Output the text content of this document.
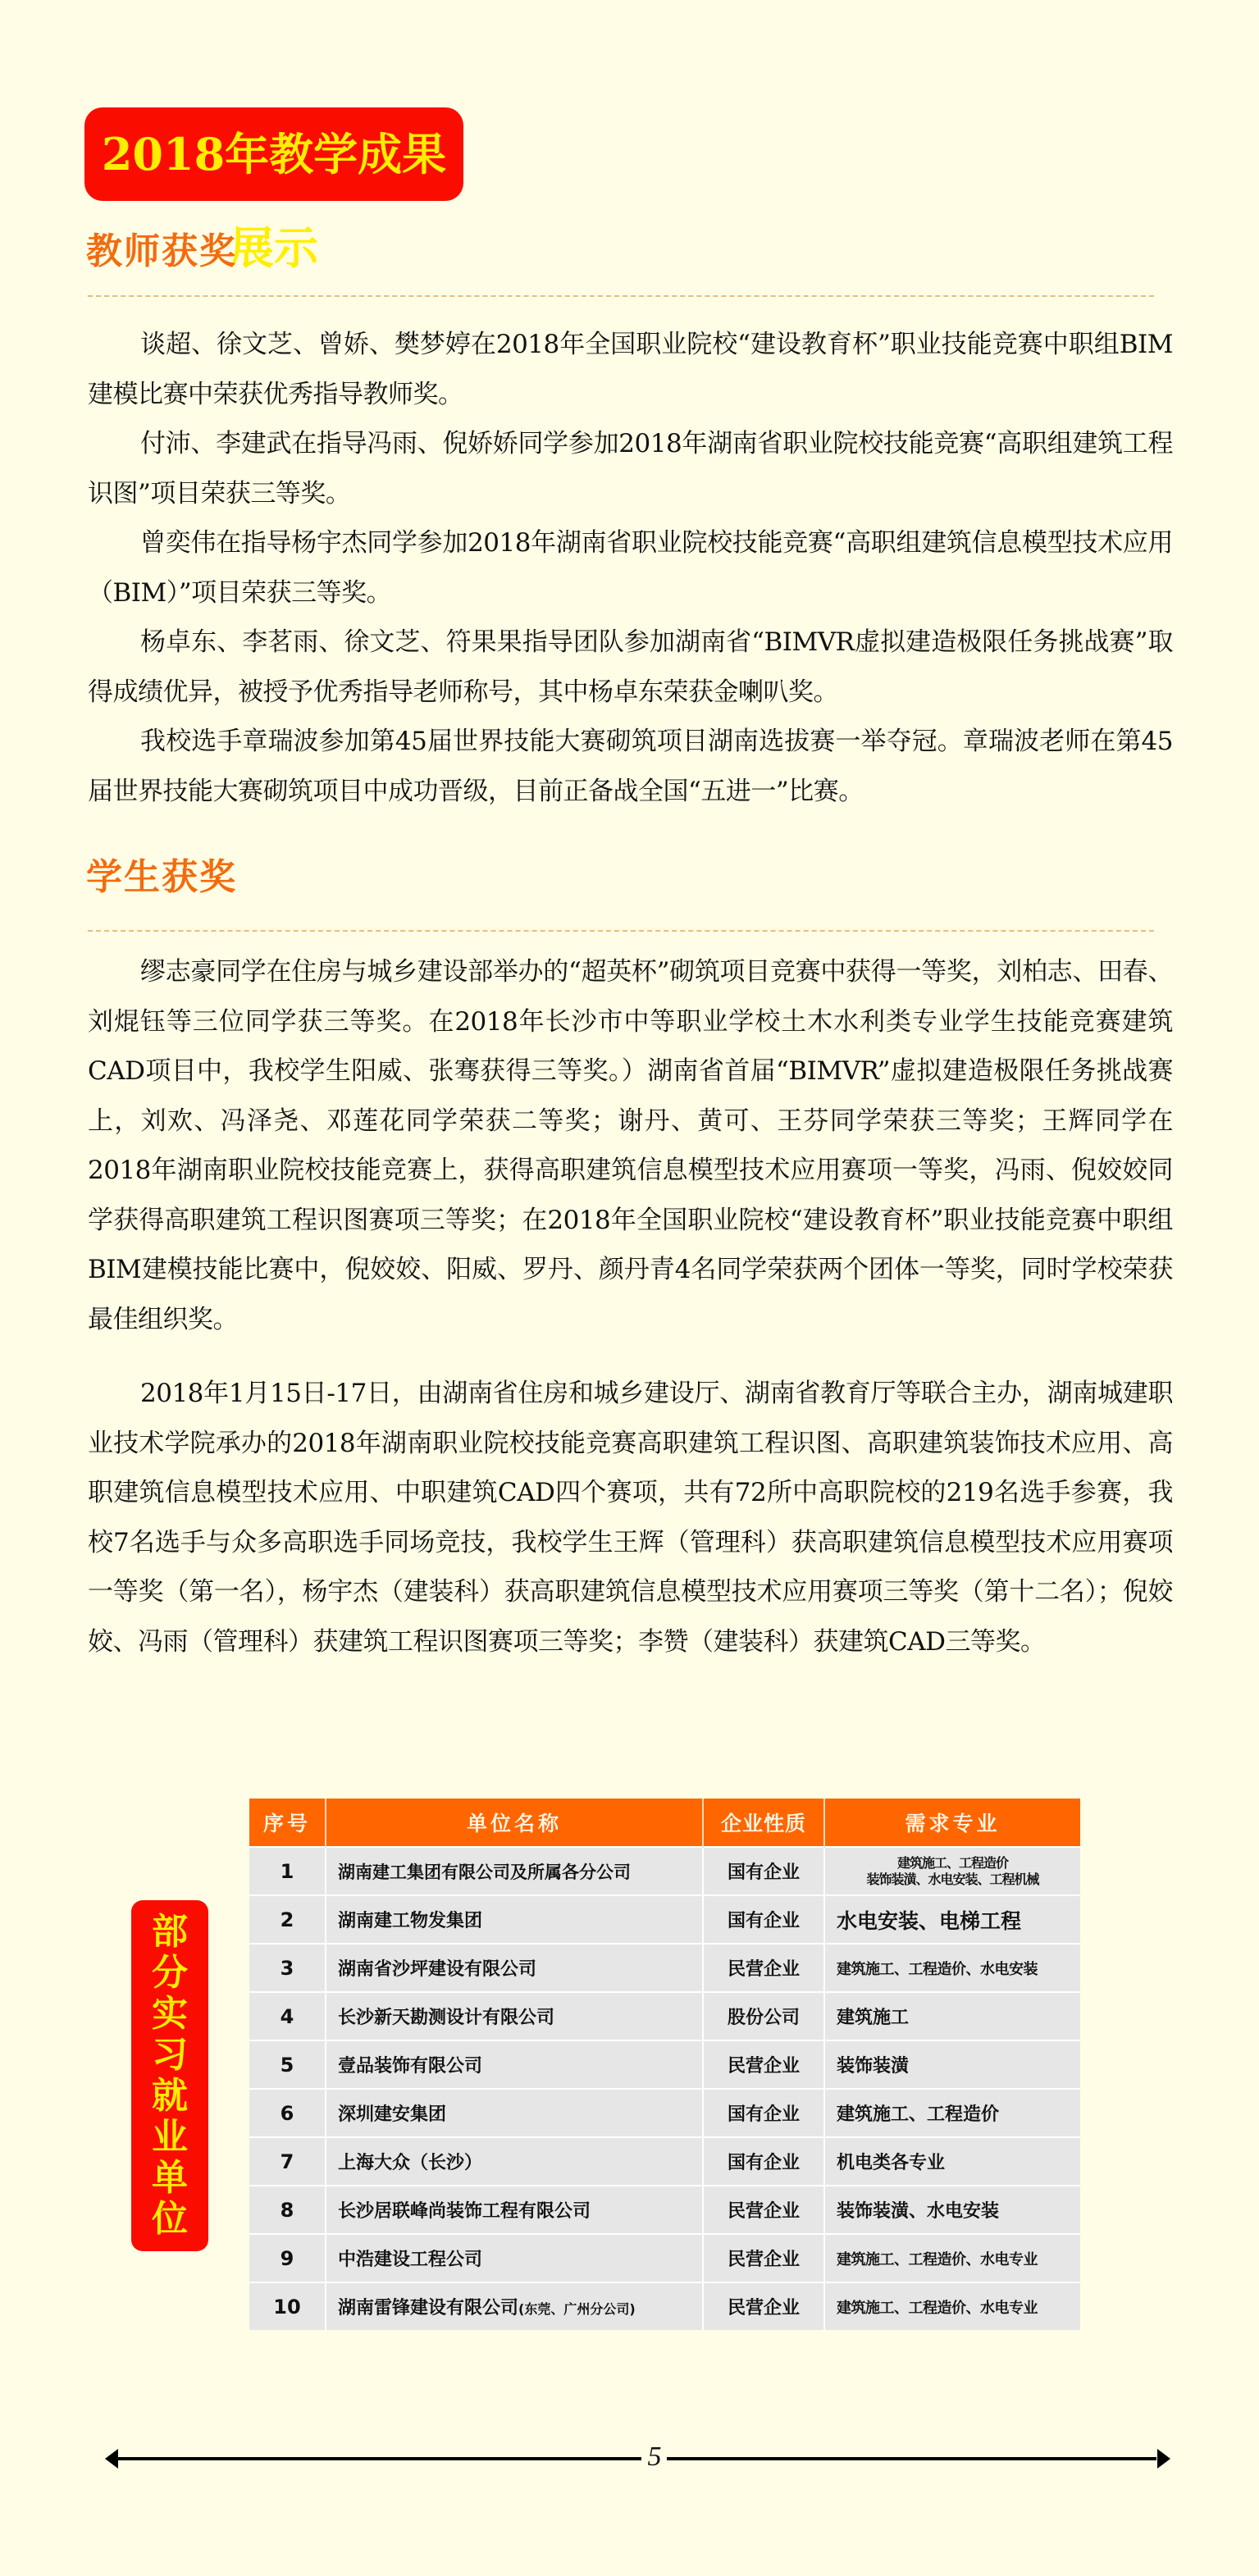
2018年教学成果展示
教师获奖
谈超、徐文芝、曾娇、樊梦婷在2018年全国职业院校“建设教育杯”职业技能竞赛中职组BIM建模比赛中荣获优秀指导教师奖。
付沛、李建武在指导冯雨、倪娇娇同学参加2018年湖南省职业院校技能竞赛“高职组建筑工程识图”项目荣获三等奖。
曾奕伟在指导杨宇杰同学参加2018年湖南省职业院校技能竞赛“高职组建筑信息模型技术应用（BIM）”项目荣获三等奖。
杨卓东、李茗雨、徐文芝、符果果指导团队参加湖南省“BIMVR虚拟建造极限任务挑战赛”取得成绩优异，被授予优秀指导老师称号，其中杨卓东荣获金喇叭奖。
我校选手章瑞波参加第45届世界技能大赛砌筑项目湖南选拔赛一举夺冠。章瑞波老师在第45届世界技能大赛砌筑项目中成功晋级，目前正备战全国“五进一”比赛。
学生获奖
缪志豪同学在住房与城乡建设部举办的“超英杯”砌筑项目竞赛中获得一等奖，刘柏志、田春、刘焜钰等三位同学获三等奖。在2018年长沙市中等职业学校土木水利类专业学生技能竞赛建筑CAD项目中，我校学生阳威、张骞获得三等奖。）湖南省首届“BIMVR”虚拟建造极限任务挑战赛上，刘欢、冯泽尧、邓莲花同学荣获二等奖；谢丹、黄可、王芬同学荣获三等奖；王辉同学在2018年湖南职业院校技能竞赛上，获得高职建筑信息模型技术应用赛项一等奖，冯雨、倪姣姣同学获得高职建筑工程识图赛项三等奖；在2018年全国职业院校“建设教育杯”职业技能竞赛中职组BIM建模技能比赛中，倪姣姣、阳威、罗丹、颜丹青4名同学荣获两个团体一等奖，同时学校荣获最佳组织奖。
2018年1月15日-17日，由湖南省住房和城乡建设厅、湖南省教育厅等联合主办，湖南城建职业技术学院承办的2018年湖南职业院校技能竞赛高职建筑工程识图、高职建筑装饰技术应用、高职建筑信息模型技术应用、中职建筑CAD四个赛项，共有72所中高职院校的219名选手参赛，我校7名选手与众多高职选手同场竞技，我校学生王辉（管理科）获高职建筑信息模型技术应用赛项一等奖（第一名），杨宇杰（建装科）获高职建筑信息模型技术应用赛项三等奖（第十二名）；倪姣姣、冯雨（管理科）获建筑工程识图赛项三等奖；李赞（建装科）获建筑CAD三等奖。
部
分
实
习
就
业
单
位
序号	单位名称	企业性质	需求专业
1	湖南建工集团有限公司及所属各分公司	国有企业	建筑施工、工程造价
装饰装潢、水电安装、工程机械

2	湖南建工物发集团	国有企业	水电安装、电梯工程
3	湖南省沙坪建设有限公司	民营企业	建筑施工、工程造价、水电安装
4	长沙新天勘测设计有限公司	股份公司	建筑施工
5	壹品装饰有限公司	民营企业	装饰装潢
6	深圳建安集团	国有企业	建筑施工、工程造价
7	上海大众（长沙）	国有企业	机电类各专业
8	长沙居联峰尚装饰工程有限公司	民营企业	装饰装潢、水电安装
9	中浩建设工程公司	民营企业	建筑施工、工程造价、水电专业
10	湖南雷锋建设有限公司(东莞、广州分公司)	民营企业	建筑施工、工程造价、水电专业
5
